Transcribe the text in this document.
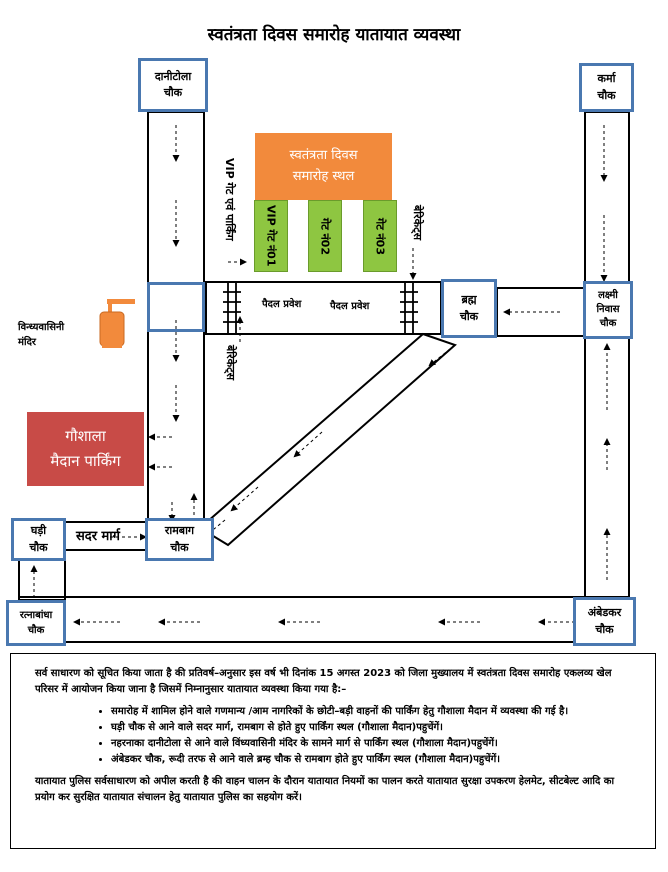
स्वतंत्रता दिवस समारोह यातायात व्यवस्था
स्वतंत्रता दिवस
समारोह स्थल
VIP गेट नं01	गेट नं02	गेट नं03
VIP गेट एवं पार्किंग	बेरिकेट्स
बेरिकेट्स
पैदल प्रवेश	पैदल प्रवेश
विन्ध्यवासिनी
मंदिर
गौशाला
मैदान पार्किंग
सदर मार्ग
दानीटोला
चौक
कर्मा
चौक
ब्रह्म
चौक
लक्ष्मी
निवास
चौक
रामबाग
चौक
घड़ी
चौक
रत्नाबांधा
चौक
अंबेडकर
चौक

सर्व साधारण को सूचित किया जाता है की प्रतिवर्ष–अनुसार इस वर्ष भी दिनांक 15 अगस्त 2023 को जिला मुख्यालय में स्वतंत्रता दिवस समारोह एकलव्य खेल परिसर में आयोजन किया जाना है जिसमें निम्नानुसार यातायात व्यवस्था किया गया है:–

• समारोह में शामिल होने वाले गणमान्य /आम नागरिकों के छोटी–बड़ी वाहनों की पार्किंग हेतु गौशाला मैदान में व्यवस्था की गई है।
• घड़ी चौक से आने वाले सदर मार्ग, रामबाग से होते हुए पार्किंग स्थल (गौशाला मैदान)पहुचेंगें।
• नहरनाका दानीटोला से आने वाले विंध्यवासिनी मंदिर के सामने मार्ग से पार्किंग स्थल (गौशाला मैदान)पहुचेंगें।
• अंबेडकर चौक, रूदी तरफ से आने वाले ब्रम्ह चौक से रामबाग होते हुए पार्किंग स्थल (गौशाला मैदान)पहुचेंगें।

यातायात पुलिस सर्वसाधारण को अपील करती है की वाहन चालन के दौरान यातायात नियमों का पालन करते यातायात सुरक्षा उपकरण हेलमेट, सीटबेल्ट आदि का प्रयोग कर सुरक्षित यातायात संचालन हेतु यातायात पुलिस का सहयोग करें।
